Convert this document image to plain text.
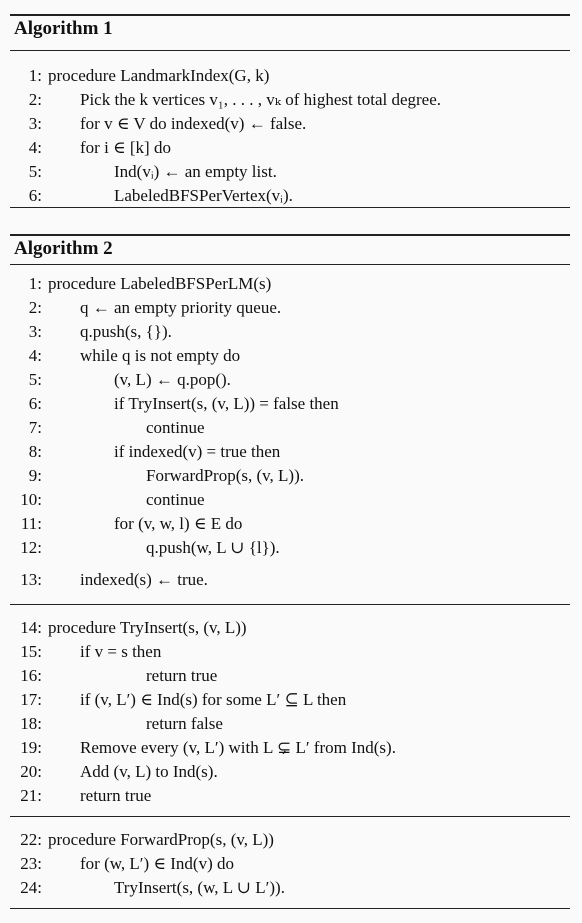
Algorithm 1
1: procedure LandmarkIndex(G, k)
2: Pick the k vertices v₁, . . . , vₖ of highest total degree.
3: for v ∈ V do indexed(v) ← false.
4: for i ∈ [k] do
5:	Ind(vᵢ) ← an empty list.
6:	LabeledBFSPerVertex(vᵢ).
Algorithm 2
1: procedure LabeledBFSPerLM(s)
2: q ← an empty priority queue.
3: q.push(s, {}).
4: while q is not empty do
5:	(v, L) ← q.pop().
6:	if TryInsert(s, (v, L)) = false then
7:	continue
8:	if indexed(v) = true then
9:	ForwardProp(s, (v, L)).
10:	continue
11:	for (v, w, l) ∈ E do
12:	q.push(w, L ∪ {l}).
13: indexed(s) ← true.
14: procedure TryInsert(s, (v, L))
15: if v = s then
16:	return true
17: if (v, L′) ∈ Ind(s) for some L′ ⊆ L then
18:	return false
19: Remove every (v, L′) with L ⊊ L′ from Ind(s).
20: Add (v, L) to Ind(s).
21: return true
22: procedure ForwardProp(s, (v, L))
23: for (w, L′) ∈ Ind(v) do
24:	TryInsert(s, (w, L ∪ L′)).
